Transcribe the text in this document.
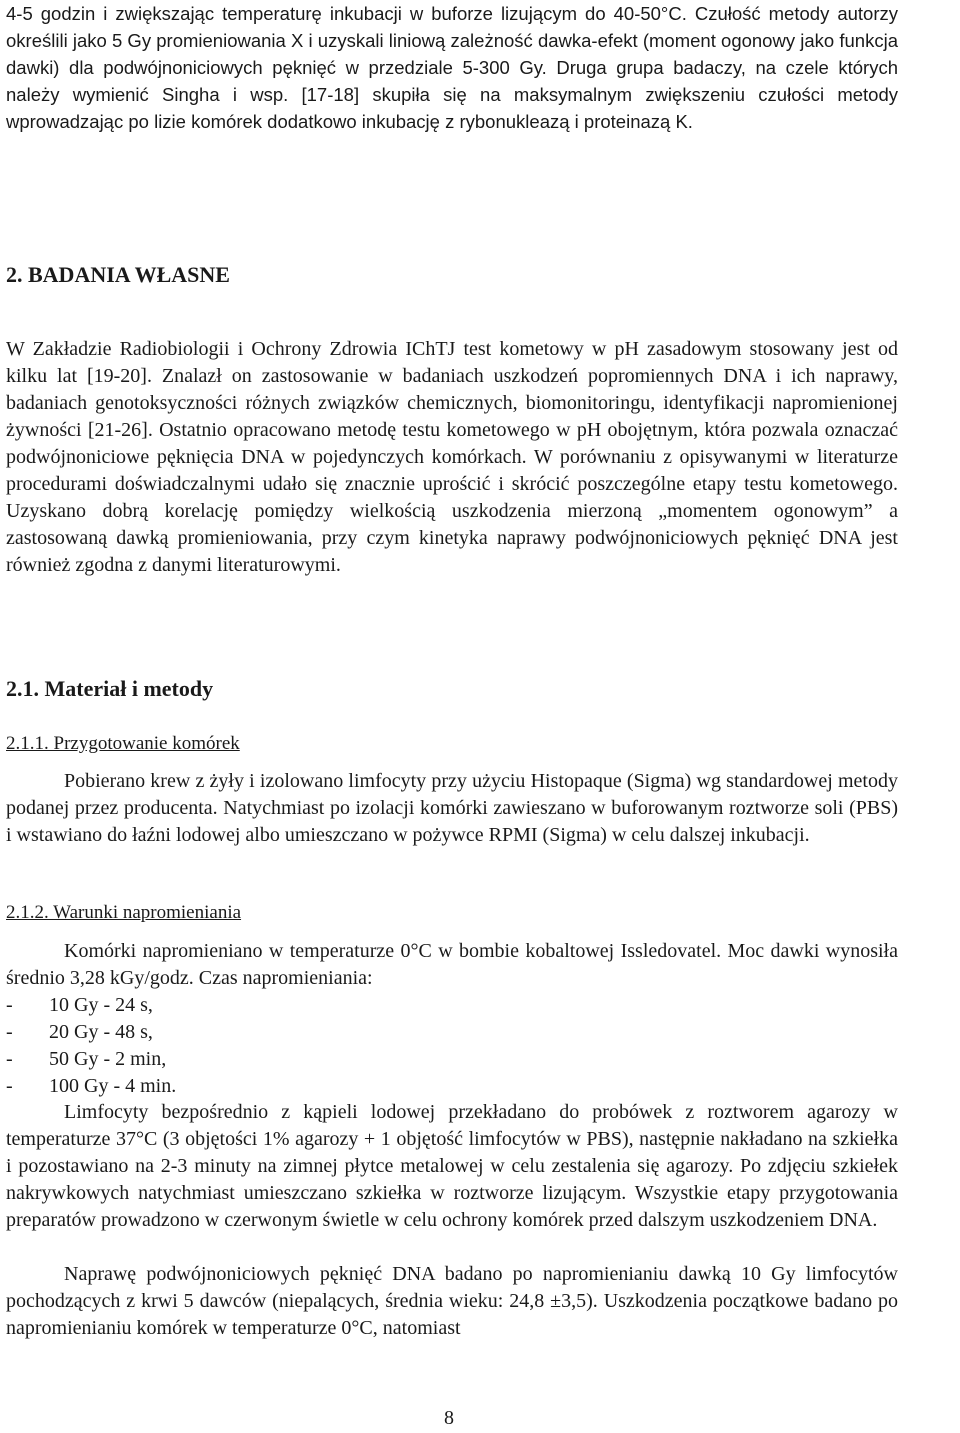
4-5 godzin i zwiększając temperaturę inkubacji w buforze lizującym do 40-50°C. Czułość metody autorzy określili jako 5 Gy promieniowania X i uzyskali liniową zależność dawka-efekt (moment ogonowy jako funkcja dawki) dla podwójnoniciowych pęknięć w przedziale 5-300 Gy. Druga grupa badaczy, na czele których należy wymienić Singha i wsp. [17-18] skupiła się na maksymalnym zwiększeniu czułości metody wprowadzając po lizie komórek dodatkowo inkubację z rybonukleazą i proteinazą K.

2. BADANIA WŁASNE

W Zakładzie Radiobiologii i Ochrony Zdrowia IChTJ test kometowy w pH zasadowym stosowany jest od kilku lat [19-20]. Znalazł on zastosowanie w badaniach uszkodzeń popromiennych DNA i ich naprawy, badaniach genotoksyczności różnych związków chemicznych, biomonitoringu, identyfikacji napromienionej żywności [21-26]. Ostatnio opracowano metodę testu kometowego w pH obojętnym, która pozwala oznaczać podwójnoniciowe pęknięcia DNA w pojedynczych komórkach. W porównaniu z opisywanymi w literaturze procedurami doświadczalnymi udało się znacznie uprościć i skrócić poszczególne etapy testu kometowego. Uzyskano dobrą korelację pomiędzy wielkością uszkodzenia mierzoną „momentem ogonowym” a zastosowaną dawką promieniowania, przy czym kinetyka naprawy podwójnoniciowych pęknięć DNA jest również zgodna z danymi literaturowymi.

2.1. Materiał i metody

2.1.1. Przygotowanie komórek

Pobierano krew z żyły i izolowano limfocyty przy użyciu Histopaque (Sigma) wg standardowej metody podanej przez producenta. Natychmiast po izolacji komórki zawieszano w buforowanym roztworze soli (PBS) i wstawiano do łaźni lodowej albo umieszczano w pożywce RPMI (Sigma) w celu dalszej inkubacji.

2.1.2. Warunki napromieniania

Komórki napromieniano w temperaturze 0°C w bombie kobaltowej Issledovatel. Moc dawki wynosiła średnio 3,28 kGy/godz. Czas napromieniania:

-	10 Gy - 24 s,
-	20 Gy - 48 s,
-	50 Gy - 2 min,
-	100 Gy - 4 min.

Limfocyty bezpośrednio z kąpieli lodowej przekładano do probówek z roztworem agarozy w temperaturze 37°C (3 objętości 1% agarozy + 1 objętość limfocytów w PBS), następnie nakładano na szkiełka i pozostawiano na 2-3 minuty na zimnej płytce metalowej w celu zestalenia się agarozy. Po zdjęciu szkiełek nakrywkowych natychmiast umieszczano szkiełka w roztworze lizującym. Wszystkie etapy przygotowania preparatów prowadzono w czerwonym świetle w celu ochrony komórek przed dalszym uszkodzeniem DNA.

Naprawę podwójnoniciowych pęknięć DNA badano po napromienianiu dawką 10 Gy limfocytów pochodzących z krwi 5 dawców (niepalących, średnia wieku: 24,8 ±3,5). Uszkodzenia początkowe badano po napromienianiu komórek w temperaturze 0°C, natomiast

8
